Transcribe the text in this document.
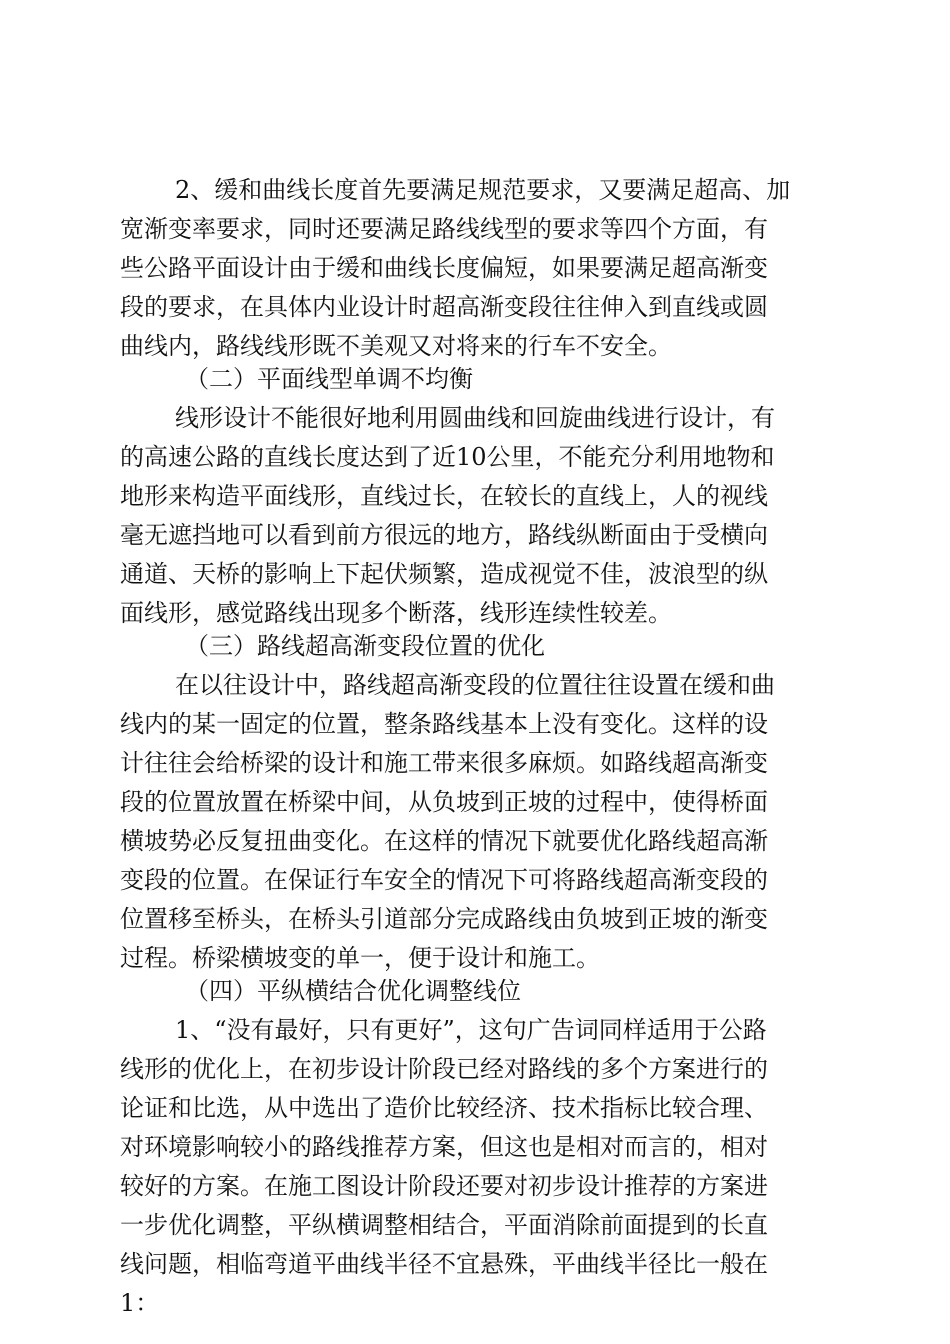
2、缓和曲线长度首先要满足规范要求，又要满足超高、加
宽渐变率要求，同时还要满足路线线型的要求等四个方面，有
些公路平面设计由于缓和曲线长度偏短，如果要满足超高渐变
段的要求，在具体内业设计时超高渐变段往往伸入到直线或圆
曲线内，路线线形既不美观又对将来的行车不安全。
（二）平面线型单调不均衡
线形设计不能很好地利用圆曲线和回旋曲线进行设计，有
的高速公路的直线长度达到了近10公里，不能充分利用地物和
地形来构造平面线形，直线过长，在较长的直线上，人的视线
毫无遮挡地可以看到前方很远的地方，路线纵断面由于受横向
通道、天桥的影响上下起伏频繁，造成视觉不佳，波浪型的纵
面线形，感觉路线出现多个断落，线形连续性较差。
（三）路线超高渐变段位置的优化
在以往设计中，路线超高渐变段的位置往往设置在缓和曲
线内的某一固定的位置，整条路线基本上没有变化。这样的设
计往往会给桥梁的设计和施工带来很多麻烦。如路线超高渐变
段的位置放置在桥梁中间，从负坡到正坡的过程中，使得桥面
横坡势必反复扭曲变化。在这样的情况下就要优化路线超高渐
变段的位置。在保证行车安全的情况下可将路线超高渐变段的
位置移至桥头，在桥头引道部分完成路线由负坡到正坡的渐变
过程。桥梁横坡变的单一，便于设计和施工。
（四）平纵横结合优化调整线位
1、“没有最好，只有更好”，这句广告词同样适用于公路
线形的优化上，在初步设计阶段已经对路线的多个方案进行的
论证和比选，从中选出了造价比较经济、技术指标比较合理、
对环境影响较小的路线推荐方案，但这也是相对而言的，相对
较好的方案。在施工图设计阶段还要对初步设计推荐的方案进
一步优化调整，平纵横调整相结合，平面消除前面提到的长直
线问题，相临弯道平曲线半径不宜悬殊，平曲线半径比一般在
1：
